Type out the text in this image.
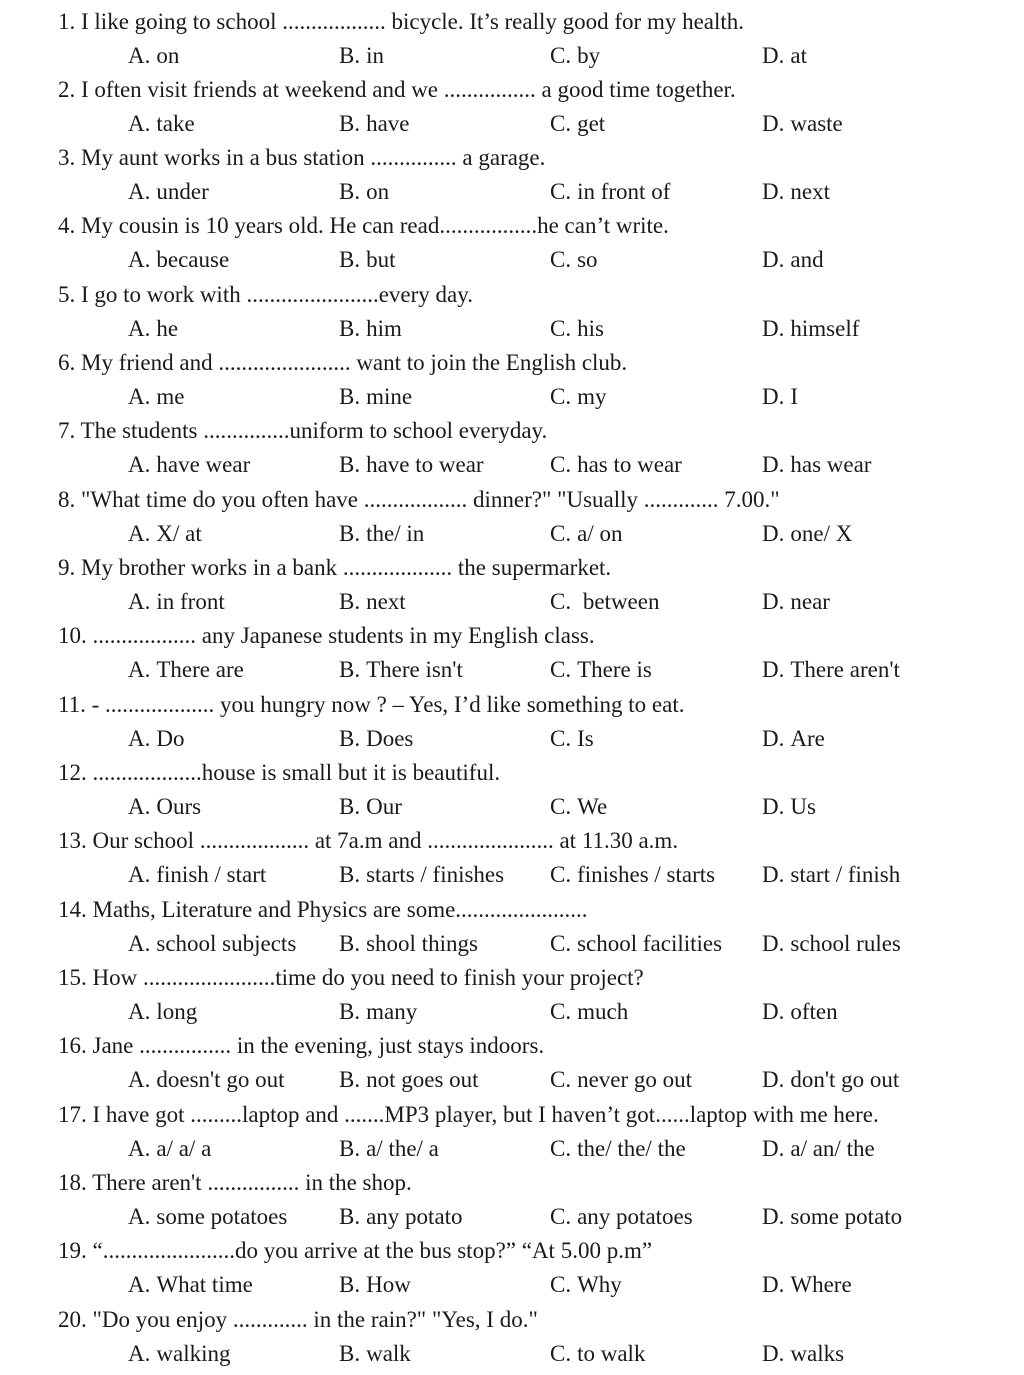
1. I like going to school .................. bicycle. It’s really good for my health.
A. on	B. in	C. by	D. at
2. I often visit friends at weekend and we ................ a good time together.
A. take	B. have	C. get	D. waste
3. My aunt works in a bus station ............... a garage.
A. under	B. on	C. in front of	D. next
4. My cousin is 10 years old. He can read.................he can’t write.
A. because	B. but	C. so	D. and
5. I go to work with .......................every day.
A. he	B. him	C. his	D. himself
6. My friend and ....................... want to join the English club.
A. me	B. mine	C. my	D. I
7. The students ...............uniform to school everyday.
A. have wear	B. have to wear	C. has to wear	D. has wear
8. "What time do you often have .................. dinner?" "Usually ............. 7.00."
A. X/ at	B. the/ in	C. a/ on	D. one/ X
9. My brother works in a bank ................... the supermarket.
A. in front	B. next	C. between	D. near
10. .................. any Japanese students in my English class.
A. There are	B. There isn't	C. There is	D. There aren't
11. - ................... you hungry now ? – Yes, I’d like something to eat.
A. Do	B. Does	C. Is	D. Are
12. ...................house is small but it is beautiful.
A. Ours	B. Our	C. We	D. Us
13. Our school ................... at 7a.m and ...................... at 11.30 a.m.
A. finish / start	B. starts / finishes C. finishes / starts D. start / finish
14. Maths, Literature and Physics are some.......................
A. school subjects B. shool things	C. school facilities D. school rules
15. How .......................time do you need to finish your project?
A. long	B. many	C. much	D. often
16. Jane ................ in the evening, just stays indoors.
A. doesn't go out B. not goes out	C. never go out	D. don't go out
17. I have got .........laptop and .......MP3 player, but I haven’t got......laptop with me here.
A. a/ a/ a	B. a/ the/ a	C. the/ the/ the	D. a/ an/ the
18. There aren't ................ in the shop.
A. some potatoes B. any potato	C. any potatoes	D. some potato
19. “.......................do you arrive at the bus stop?” “At 5.00 p.m”
A. What time	B. How	C. Why	D. Where
20. "Do you enjoy ............. in the rain?" "Yes, I do."
A. walking	B. walk	C. to walk	D. walks
